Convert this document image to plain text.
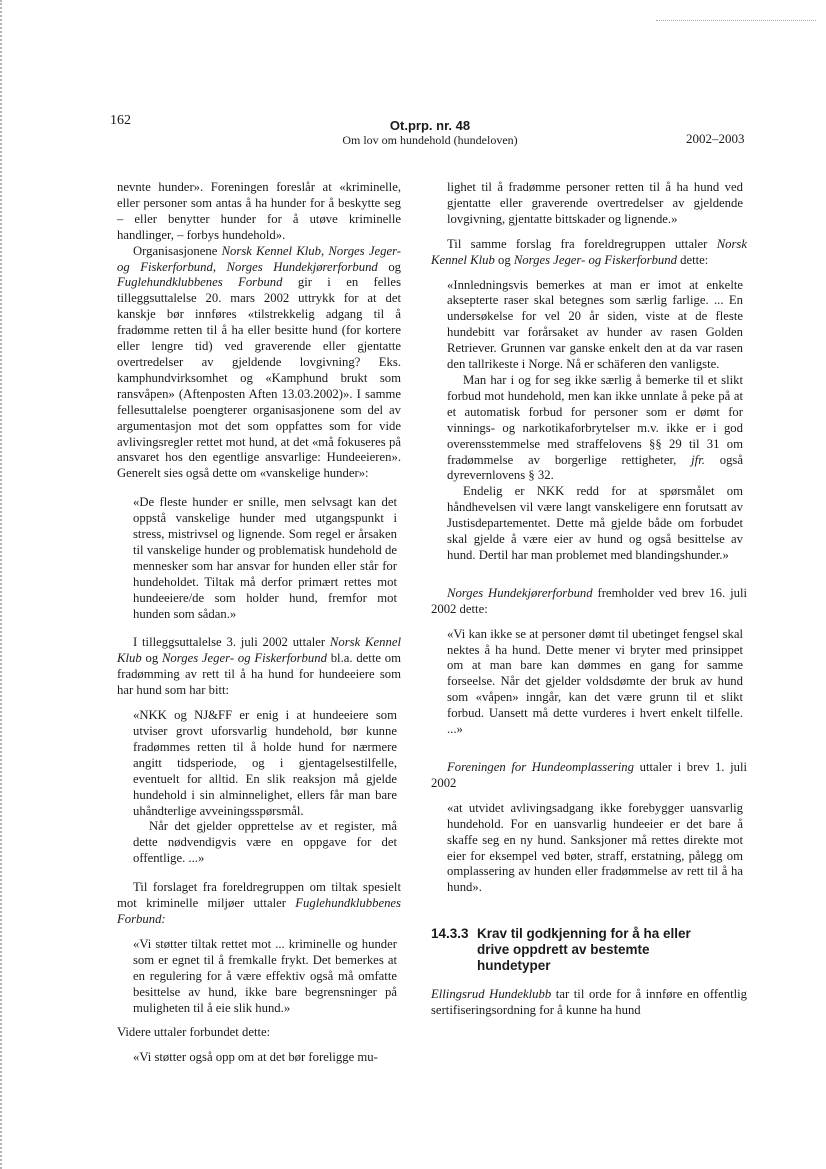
162	Ot.prp. nr. 48
Om lov om hundehold (hundeloven)	2002–2003

nevnte hunder». Foreningen foreslår at «kriminelle, eller personer som antas å ha hunder for å beskytte seg – eller benytter hunder for å utøve kriminelle handlinger, – forbys hundehold».

Organisasjonene Norsk Kennel Klub, Norges Jeger- og Fiskerforbund, Norges Hundekjørerforbund og Fuglehundklubbenes Forbund gir i en felles tilleggsuttalelse 20. mars 2002 uttrykk for at det kanskje bør innføres «tilstrekkelig adgang til å fradømme retten til å ha eller besitte hund (for kortere eller lengre tid) ved graverende eller gjentatte overtredelser av gjeldende lovgivning? Eks. kamphundvirksomhet og «Kamphund brukt som ransvåpen» (Aftenposten Aften 13.03.2002)». I samme fellesuttalelse poengterer organisasjonene som del av argumentasjon mot det som oppfattes som for vide avlivingsregler rettet mot hund, at det «må fokuseres på ansvaret hos den egentlige ansvarlige: Hundeeieren». Generelt sies også dette om «vanskelige hunder»:

«De fleste hunder er snille, men selvsagt kan det oppstå vanskelige hunder med utgangspunkt i stress, mistrivsel og lignende. Som regel er årsaken til vanskelige hunder og problematisk hundehold de mennesker som har ansvar for hunden eller står for hundeholdet. Tiltak må derfor primært rettes mot hundeeiere/de som holder hund, fremfor mot hunden som sådan.»

I tilleggsuttalelse 3. juli 2002 uttaler Norsk Kennel Klub og Norges Jeger- og Fiskerforbund bl.a. dette om fradømming av rett til å ha hund for hundeeiere som har hund som har bitt:

«NKK og NJ&FF er enig i at hundeeiere som utviser grovt uforsvarlig hundehold, bør kunne fradømmes retten til å holde hund for nærmere angitt tidsperiode, og i gjentagelsestilfelle, eventuelt for alltid. En slik reaksjon må gjelde hundehold i sin alminnelighet, ellers får man bare uhåndterlige avveiningsspørsmål.

Når det gjelder opprettelse av et register, må dette nødvendigvis være en oppgave for det offentlige. ...»

Til forslaget fra foreldregruppen om tiltak spesielt mot kriminelle miljøer uttaler Fuglehundklubbenes Forbund:

«Vi støtter tiltak rettet mot ... kriminelle og hunder som er egnet til å fremkalle frykt. Det bemerkes at en regulering for å være effektiv også må omfatte besittelse av hund, ikke bare begrensninger på muligheten til å eie slik hund.»

Videre uttaler forbundet dette:

«Vi støtter også opp om at det bør foreligge mu-

lighet til å fradømme personer retten til å ha hund ved gjentatte eller graverende overtredelser av gjeldende lovgivning, gjentatte bittskader og lignende.»

Til samme forslag fra foreldregruppen uttaler Norsk Kennel Klub og Norges Jeger- og Fiskerforbund dette:

«Innledningsvis bemerkes at man er imot at enkelte aksepterte raser skal betegnes som særlig farlige. ... En undersøkelse for vel 20 år siden, viste at de fleste hundebitt var forårsaket av hunder av rasen Golden Retriever. Grunnen var ganske enkelt den at da var rasen den tallrikeste i Norge. Nå er schäferen den vanligste.

Man har i og for seg ikke særlig å bemerke til et slikt forbud mot hundehold, men kan ikke unnlate å peke på at et automatisk forbud for personer som er dømt for vinnings- og narkotikaforbrytelser m.v. ikke er i god overensstemmelse med straffelovens §§ 29 til 31 om fradømmelse av borgerlige rettigheter, jfr. også dyrevernlovens § 32.

Endelig er NKK redd for at spørsmålet om håndhevelsen vil være langt vanskeligere enn forutsatt av Justisdepartementet. Dette må gjelde både om forbudet skal gjelde å være eier av hund og også besittelse av hund. Dertil har man problemet med blandingshunder.»

Norges Hundekjørerforbund fremholder ved brev 16. juli 2002 dette:

«Vi kan ikke se at personer dømt til ubetinget fengsel skal nektes å ha hund. Dette mener vi bryter med prinsippet om at man bare kan dømmes en gang for samme forseelse. Når det gjelder voldsdømte der bruk av hund som «våpen» inngår, kan det være grunn til et slikt forbud. Uansett må dette vurderes i hvert enkelt tilfelle. ...»

Foreningen for Hundeomplassering uttaler i brev 1. juli 2002

«at utvidet avlivingsadgang ikke forebygger uansvarlig hundehold. For en uansvarlig hundeeier er det bare å skaffe seg en ny hund. Sanksjoner må rettes direkte mot eier for eksempel ved bøter, straff, erstatning, pålegg om omplassering av hunden eller fradømmelse av rett til å ha hund».

14.3.3 Krav til godkjenning for å ha eller drive oppdrett av bestemte hundetyper

Ellingsrud Hundeklubb tar til orde for å innføre en offentlig sertifiseringsordning for å kunne ha hund
